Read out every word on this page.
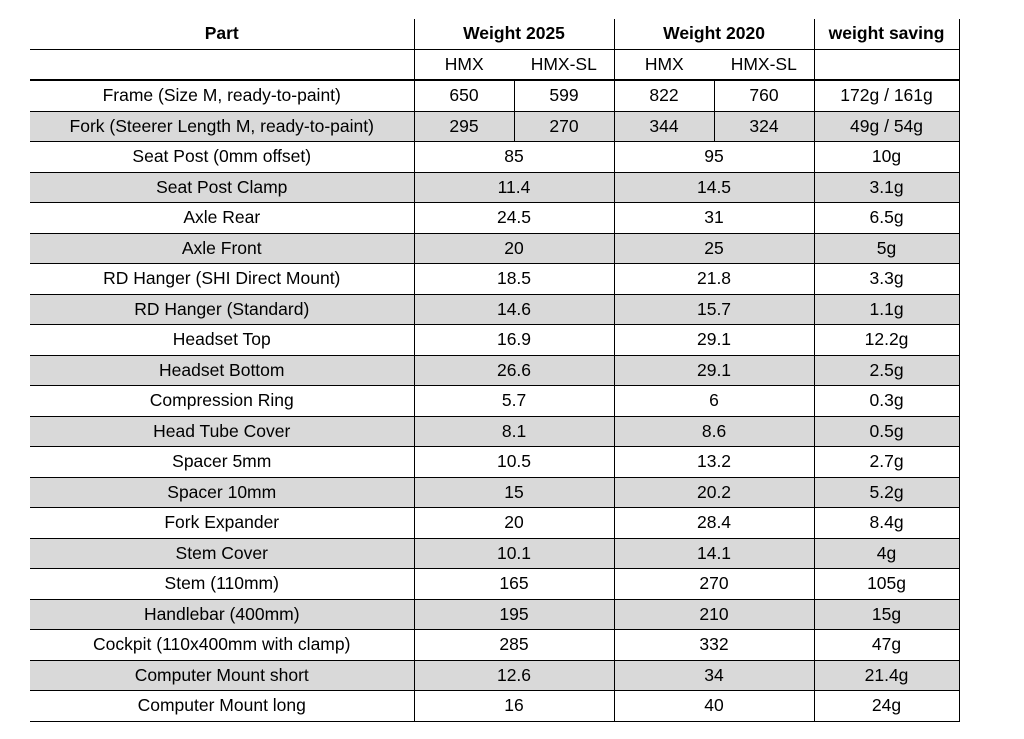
Part	Weight 2025		Weight 2020		weight saving
	HMX	HMX-SL	HMX	HMX-SL	
Frame (Size M, ready-to-paint)	650	599	822	760	172g / 161g
Fork (Steerer Length M, ready-to-paint)	295	270	344	324	49g / 54g
Seat Post (0mm offset)	85		95		10g
Seat Post Clamp	11.4		14.5		3.1g
Axle Rear	24.5		31		6.5g
Axle Front	20		25		5g
RD Hanger (SHI Direct Mount)	18.5		21.8		3.3g
RD Hanger (Standard)	14.6		15.7		1.1g
Headset Top	16.9		29.1		12.2g
Headset Bottom	26.6		29.1		2.5g
Compression Ring	5.7		6		0.3g
Head Tube Cover	8.1		8.6		0.5g
Spacer 5mm	10.5		13.2		2.7g
Spacer 10mm	15		20.2		5.2g
Fork Expander	20		28.4		8.4g
Stem Cover	10.1		14.1		4g
Stem (110mm)	165		270		105g
Handlebar (400mm)	195		210		15g
Cockpit (110x400mm with clamp)	285		332		47g
Computer Mount short	12.6		34		21.4g
Computer Mount long	16		40		24g
